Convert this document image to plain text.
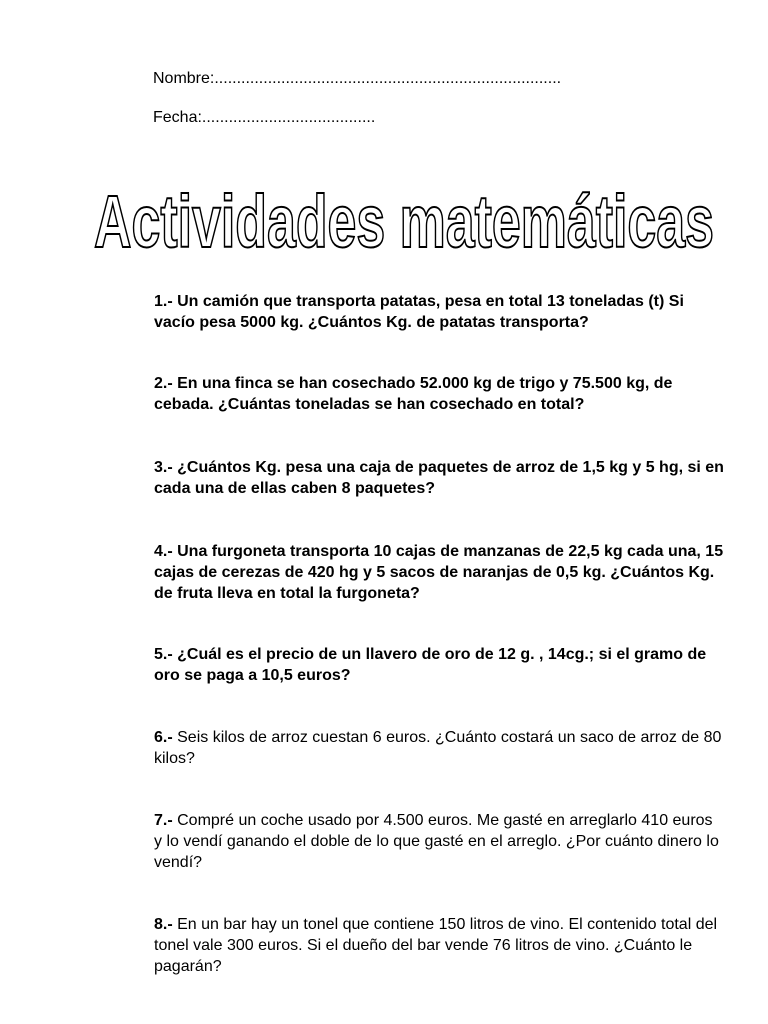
Nombre:..............................................................................
Fecha:.......................................
Actividades matemáticas

1.- Un camión que transporta patatas, pesa en total 13 toneladas (t) Si vacío pesa 5000 kg. ¿Cuántos Kg. de patatas transporta?

2.- En una finca se han cosechado 52.000 kg de trigo y 75.500 kg, de cebada. ¿Cuántas toneladas se han cosechado en total?

3.- ¿Cuántos Kg. pesa una caja de paquetes de arroz de 1,5 kg y 5 hg, si en cada una de ellas caben 8 paquetes?

4.- Una furgoneta transporta 10 cajas de manzanas de 22,5 kg cada una, 15 cajas de cerezas de 420 hg y 5 sacos de naranjas de 0,5 kg. ¿Cuántos Kg. de fruta lleva en total la furgoneta?

5.- ¿Cuál es el precio de un llavero de oro de 12 g. , 14cg.; si el gramo de oro se paga a 10,5 euros?

6.- Seis kilos de arroz cuestan 6 euros. ¿Cuánto costará un saco de arroz de 80 kilos?

7.- Compré un coche usado por 4.500 euros. Me gasté en arreglarlo 410 euros y lo vendí ganando el doble de lo que gasté en el arreglo. ¿Por cuánto dinero lo vendí?

8.- En un bar hay un tonel que contiene 150 litros de vino. El contenido total del tonel vale 300 euros. Si el dueño del bar vende 76 litros de vino. ¿Cuánto le pagarán?
